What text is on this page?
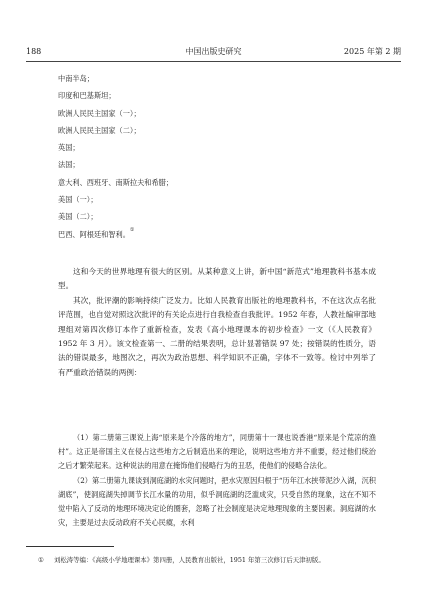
188	中国出版史研究	2025 年第 2 期
中南半岛；
印度和巴基斯坦；
欧洲人民民主国家（一）；
欧洲人民民主国家（二）；
英国；
法国；
意大利、西班牙、南斯拉夫和希腊；
美国（一）；
美国（二）；
巴西、阿根廷和智利。①

这和今天的世界地理有很大的区别。从某种意义上讲，新中国“新范式”地理教科书基本成型。

其次，批评潮的影响持续广泛发力。比如人民教育出版社的地理教科书，不在这次点名批评范围，也自觉对照这次批评的有关论点进行自我检查自我批评。1952 年春，人教社编审部地理组对第四次修订本作了重新检查，发表《高小地理课本的初步检查》一文（《人民教育》1952 年 3 月）。该文检查第一、二册的结果表明，总计显著错误 97 处；按错误的性质分，语法的错误最多，地图次之，再次为政治思想、科学知识不正确，字体不一致等。检讨中列举了有严重政治错误的两例：

（1）第二册第三课说上海“原来是个冷落的地方”，同册第十一课也说香港“原来是个荒凉的渔村”。这正是帝国主义在侵占这些地方之后制造出来的理论，说明这些地方并不重要，经过他们统治之后才繁荣起来。这种说法的用意在掩饰他们侵略行为的丑恶，使他们的侵略合法化。

（2）第二册第九课谈到洞庭湖的水灾问题时，把水灾原因归根于“历年江水挟带泥沙入湖，沉积湖底”，使洞庭湖失掉调节长江水量的功用，似乎洞庭湖的泛滥成灾，只受自然的现象，这在不知不觉中陷入了反动的地理环境决定论的圈套，忽略了社会制度是决定地理现象的主要因素。洞庭湖的水灾，主要是过去反动政府不关心民瘼，水利

① 刘松涛等编：《高级小学地理课本》第四册，人民教育出版社，1951 年第三次修订后天津初版。
